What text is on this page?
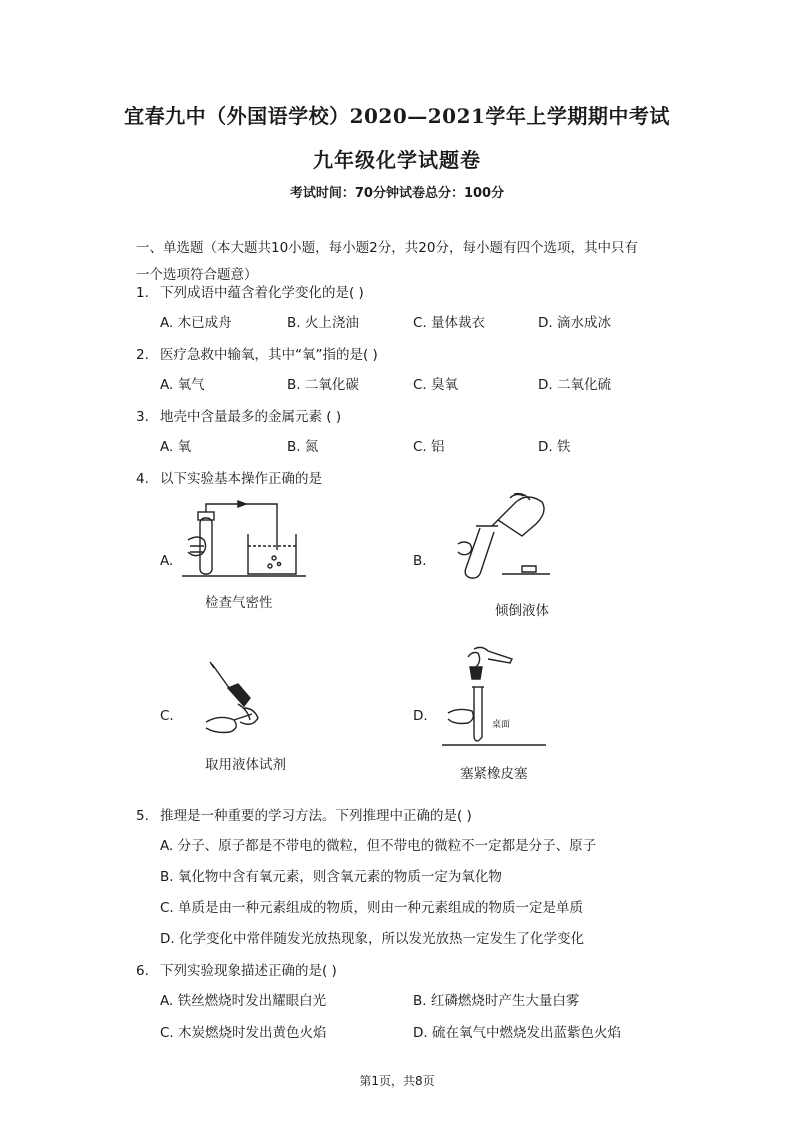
宜春九中（外国语学校）2020—2021学年上学期期中考试
九年级化学试题卷
考试时间：70分钟试卷总分：100分
一、单选题（本大题共10小题，每小题2分，共20分，每小题有四个选项，其中只有
一个选项符合题意）
1. 下列成语中蕴含着化学变化的是( )
A. 木已成舟	B. 火上浇油	C. 量体裁衣	D. 滴水成冰
2. 医疗急救中输氧，其中“氧”指的是( )
A. 氧气	B. 二氧化碳	C. 臭氧	D. 二氧化硫
3. 地壳中含量最多的金属元素 ( )
A. 氧	B. 氮	C. 铝	D. 铁
4. 以下实验基本操作正确的是
A.
检查气密性
B.
倾倒液体
C.
取用液体试剂
D.
桌面
塞紧橡皮塞
5. 推理是一种重要的学习方法。下列推理中正确的是( )
A. 分子、原子都是不带电的微粒，但不带电的微粒不一定都是分子、原子
B. 氧化物中含有氧元素，则含氧元素的物质一定为氧化物
C. 单质是由一种元素组成的物质，则由一种元素组成的物质一定是单质
D. 化学变化中常伴随发光放热现象，所以发光放热一定发生了化学变化
6. 下列实验现象描述正确的是( )
A. 铁丝燃烧时发出耀眼白光	B. 红磷燃烧时产生大量白雾
C. 木炭燃烧时发出黄色火焰	D. 硫在氧气中燃烧发出蓝紫色火焰
第1页，共8页
